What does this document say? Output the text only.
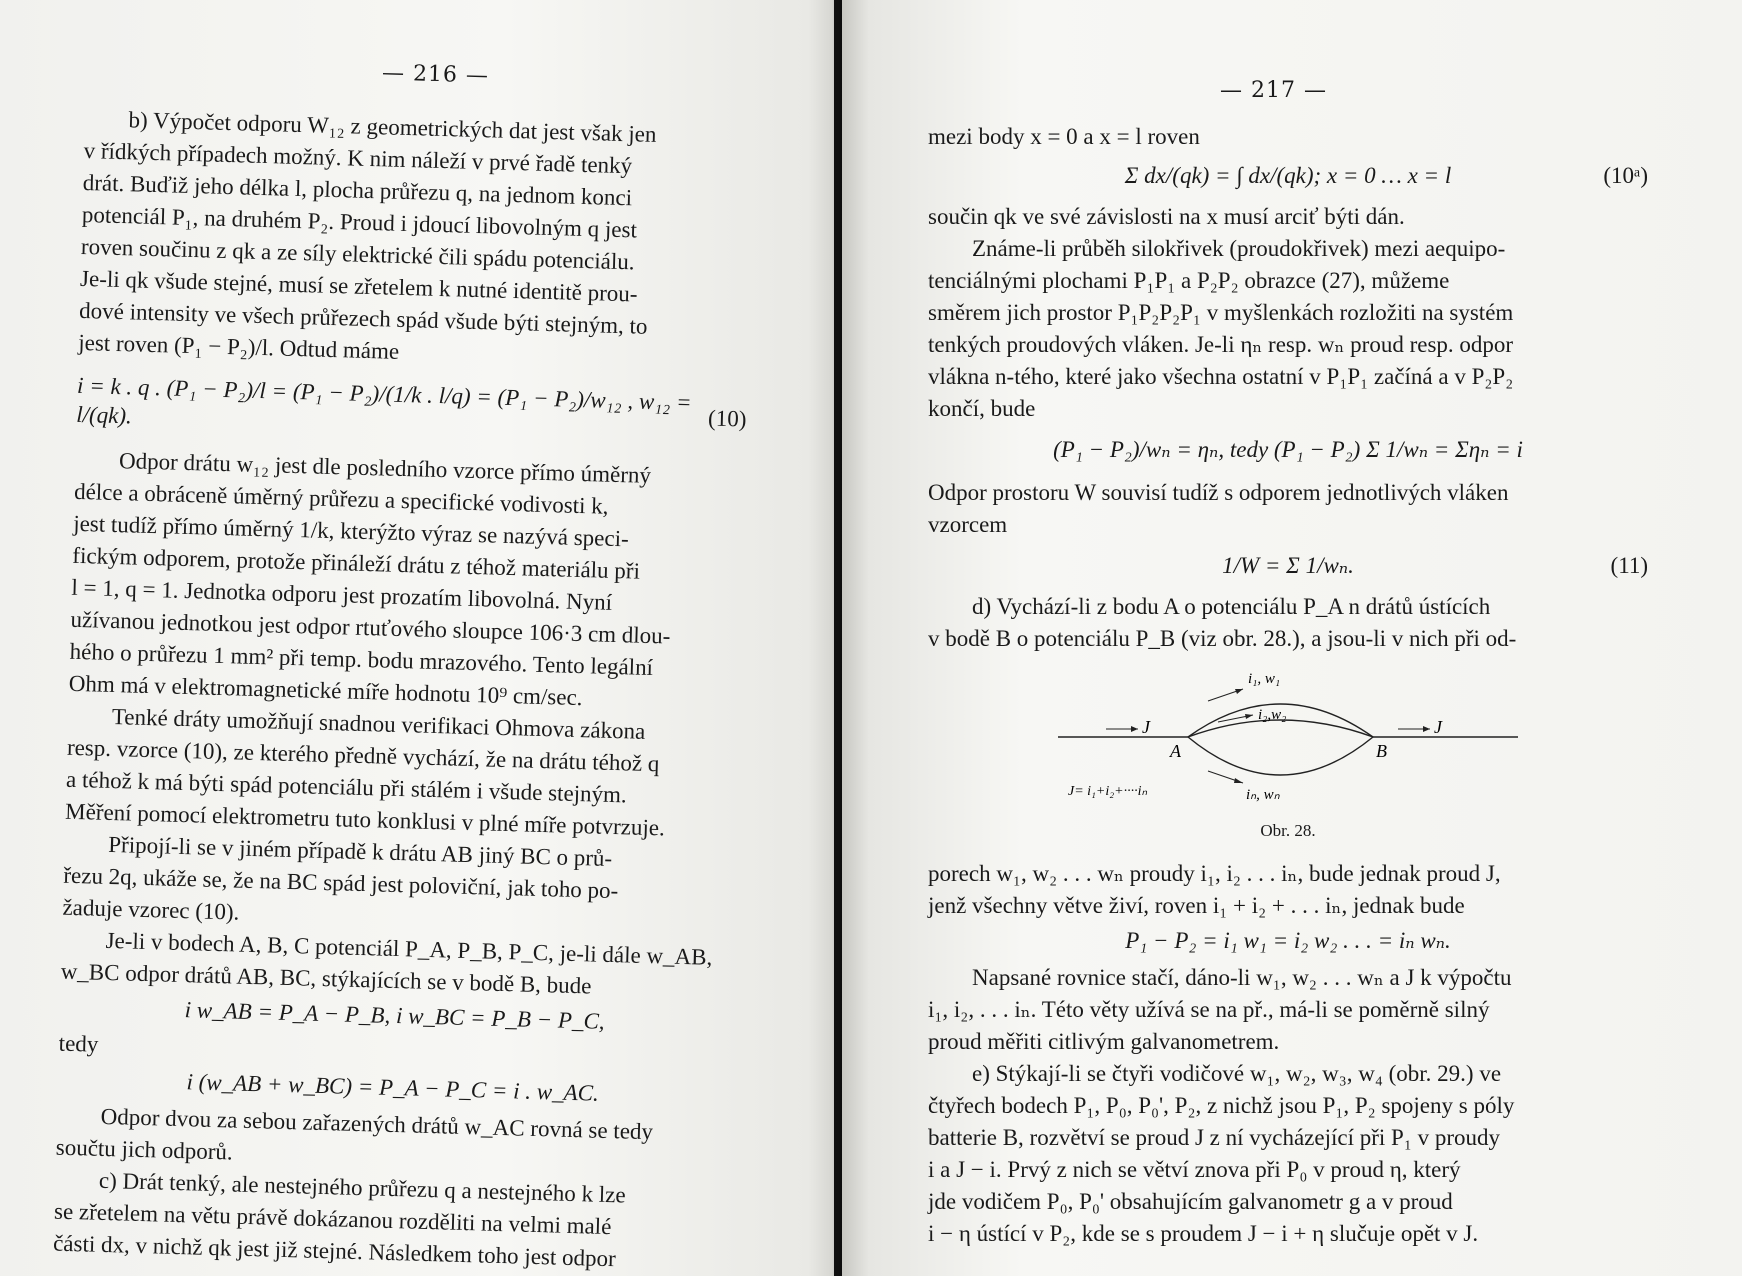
— 216 —

b) Výpočet odporu W₁₂ z geometrických dat jest však jen

v řídkých případech možný. K nim náleží v prvé řadě tenký

drát. Buďiž jeho délka l, plocha průřezu q, na jednom konci

potenciál P₁, na druhém P₂. Proud i jdoucí libovolným q jest

roven součinu z qk a ze síly elektrické čili spádu potenciálu.

Je-li qk všude stejné, musí se zřetelem k nutné identitě prou-

dové intensity ve všech průřezech spád všude býti stejným, to

jest roven (P₁ − P₂)/l. Odtud máme

i = k . q . (P₁ − P₂)/l = (P₁ − P₂)/(1/k . l/q) = (P₁ − P₂)/w₁₂ , w₁₂ = l/(qk).	(10)

Odpor drátu w₁₂ jest dle posledního vzorce přímo úměrný

délce a obráceně úměrný průřezu a specifické vodivosti k,

jest tudíž přímo úměrný 1/k, kterýžto výraz se nazývá speci-

fickým odporem, protože přináleží drátu z téhož materiálu při

l = 1, q = 1. Jednotka odporu jest prozatím libovolná. Nyní

užívanou jednotkou jest odpor rtuťového sloupce 106·3 cm dlou-

hého o průřezu 1 mm² při temp. bodu mrazového. Tento legální

Ohm má v elektromagnetické míře hodnotu 10⁹ cm/sec.

Tenké dráty umožňují snadnou verifikaci Ohmova zákona

resp. vzorce (10), ze kterého předně vychází, že na drátu téhož q

a téhož k má býti spád potenciálu při stálém i všude stejným.

Měření pomocí elektrometru tuto konklusi v plné míře potvrzuje.

Připojí-li se v jiném případě k drátu AB jiný BC o prů-

řezu 2q, ukáže se, že na BC spád jest poloviční, jak toho po-

žaduje vzorec (10).

Je-li v bodech A, B, C potenciál P_A, P_B, P_C, je-li dále w_AB,

w_BC odpor drátů AB, BC, stýkajících se v bodě B, bude

i w_AB = P_A − P_B, i w_BC = P_B − P_C,

tedy

i (w_AB + w_BC) = P_A − P_C = i . w_AC.

Odpor dvou za sebou zařazených drátů w_AC rovná se tedy

součtu jich odporů.

c) Drát tenký, ale nestejného průřezu q a nestejného k lze

se zřetelem na větu právě dokázanou rozděliti na velmi malé

části dx, v nichž qk jest již stejné. Následkem toho jest odpor

— 217 —

mezi body x = 0 a x = l roven

Σ dx/(qk) = ∫ dx/(qk); x = 0 … x = l	(10ᵃ)

součin qk ve své závislosti na x musí arciť býti dán.

Známe-li průběh silokřivek (proudokřivek) mezi aequipo-

tenciálnými plochami P₁P₁ a P₂P₂ obrazce (27), můžeme

směrem jich prostor P₁P₂P₂P₁ v myšlenkách rozložiti na systém

tenkých proudových vláken. Je-li ηₙ resp. wₙ proud resp. odpor

vlákna n-tého, které jako všechna ostatní v P₁P₁ začíná a v P₂P₂

končí, bude

(P₁ − P₂)/wₙ = ηₙ, tedy (P₁ − P₂) Σ 1/wₙ = Σηₙ = i

Odpor prostoru W souvisí tudíž s odporem jednotlivých vláken

vzorcem

1/W = Σ 1/wₙ.	(11)

d) Vychází-li z bodu A o potenciálu P_A n drátů ústících

v bodě B o potenciálu P_B (viz obr. 28.), a jsou-li v nich při od-

J	J
A	B
i₁, w₁
i₂,w₂
iₙ, wₙ
J= i₁+i₂+····iₙ
Obr. 28.

porech w₁, w₂ . . . wₙ proudy i₁, i₂ . . . iₙ, bude jednak proud J,

jenž všechny větve živí, roven i₁ + i₂ + . . . iₙ, jednak bude

P₁ − P₂ = i₁ w₁ = i₂ w₂ . . . = iₙ wₙ.

Napsané rovnice stačí, dáno-li w₁, w₂ . . . wₙ a J k výpočtu

i₁, i₂, . . . iₙ. Této věty užívá se na př., má-li se poměrně silný

proud měřiti citlivým galvanometrem.

e) Stýkají-li se čtyři vodičové w₁, w₂, w₃, w₄ (obr. 29.) ve

čtyřech bodech P₁, P₀, P₀', P₂, z nichž jsou P₁, P₂ spojeny s póly

batterie B, rozvětví se proud J z ní vycházející při P₁ v proudy

i a J − i. Prvý z nich se větví znova při P₀ v proud η, který

jde vodičem P₀, P₀' obsahujícím galvanometr g a v proud

i − η ústící v P₂, kde se s proudem J − i + η slučuje opět v J.
